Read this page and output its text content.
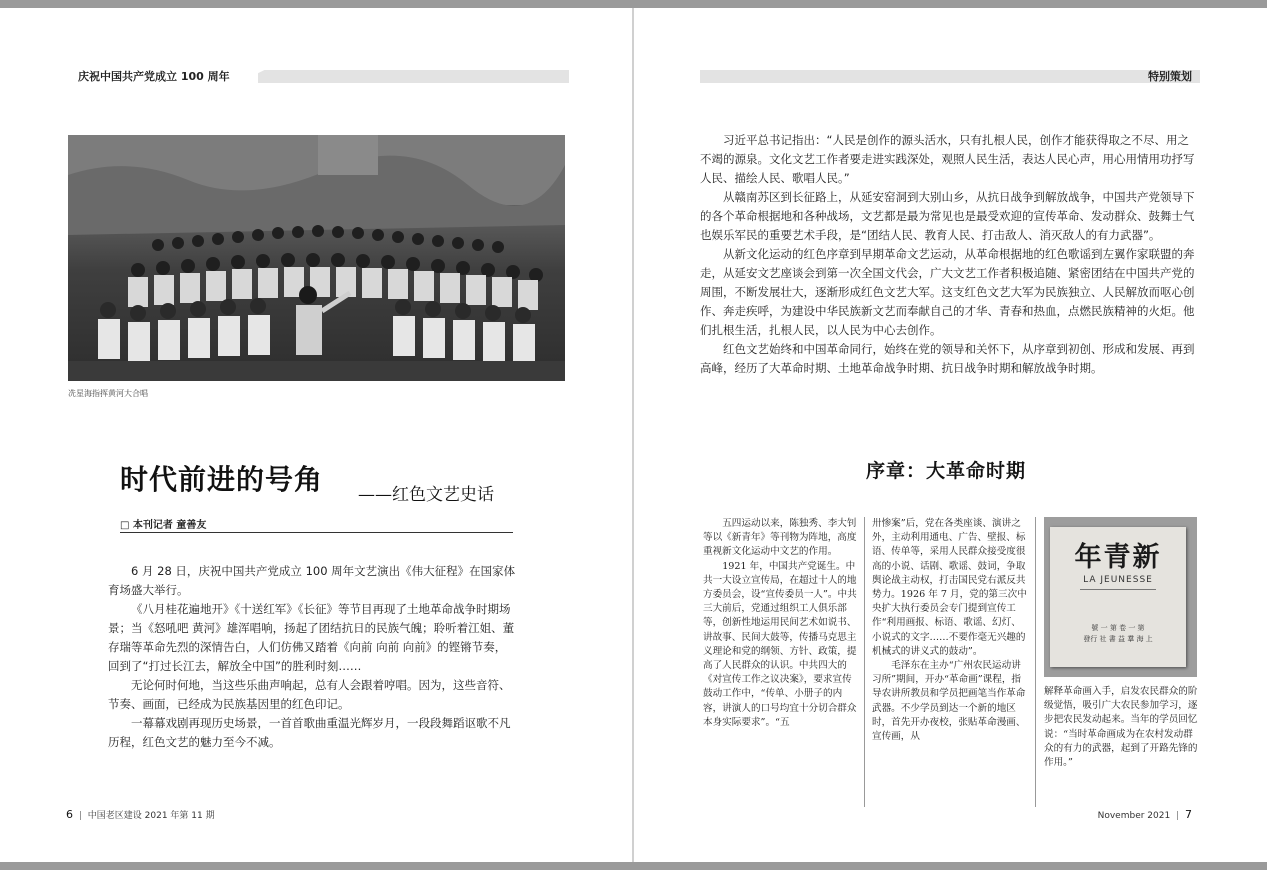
庆祝中国共产党成立 100 周年
冼星海指挥黄河大合唱
时代前进的号角 ——红色文艺史话
□ 本刊记者 童善友

6 月 28 日，庆祝中国共产党成立 100 周年文艺演出《伟大征程》在国家体育场盛大举行。

《八月桂花遍地开》《十送红军》《长征》等节目再现了土地革命战争时期场景；当《怒吼吧 黄河》雄浑唱响，扬起了团结抗日的民族气魄；聆听着江姐、董存瑞等革命先烈的深情告白，人们仿佛又踏着《向前 向前 向前》的铿锵节奏，回到了“打过长江去，解放全中国”的胜利时刻……

无论何时何地，当这些乐曲声响起，总有人会跟着哼唱。因为，这些音符、节奏、画面，已经成为民族基因里的红色印记。

一幕幕戏剧再现历史场景，一首首歌曲重温光辉岁月，一段段舞蹈讴歌不凡历程，红色文艺的魅力至今不减。

6 | 中国老区建设 2021 年第 11 期
特别策划

习近平总书记指出：“人民是创作的源头活水，只有扎根人民，创作才能获得取之不尽、用之不竭的源泉。文化文艺工作者要走进实践深处，观照人民生活，表达人民心声，用心用情用功抒写人民、描绘人民、歌唱人民。”

从赣南苏区到长征路上，从延安窑洞到大别山乡，从抗日战争到解放战争，中国共产党领导下的各个革命根据地和各种战场，文艺都是最为常见也是最受欢迎的宣传革命、发动群众、鼓舞士气也娱乐军民的重要艺术手段，是“团结人民、教育人民、打击敌人、消灭敌人的有力武器”。

从新文化运动的红色序章到早期革命文艺运动，从革命根据地的红色歌谣到左翼作家联盟的奔走，从延安文艺座谈会到第一次全国文代会，广大文艺工作者积极追随、紧密团结在中国共产党的周围，不断发展壮大，逐渐形成红色文艺大军。这支红色文艺大军为民族独立、人民解放而呕心创作、奔走疾呼，为建设中华民族新文艺而奉献自己的才华、青春和热血，点燃民族精神的火炬。他们扎根生活，扎根人民，以人民为中心去创作。

红色文艺始终和中国革命同行，始终在党的领导和关怀下，从序章到初创、形成和发展、再到高峰，经历了大革命时期、土地革命战争时期、抗日战争时期和解放战争时期。

序章：大革命时期

五四运动以来，陈独秀、李大钊等以《新青年》等刊物为阵地，高度重视新文化运动中文艺的作用。

1921 年，中国共产党诞生。中共一大设立宣传局，在超过十人的地方委员会，设“宣传委员一人”。中共三大前后，党通过组织工人俱乐部等，创新性地运用民间艺术如说书、讲故事、民间大鼓等，传播马克思主义理论和党的纲领、方针、政策，提高了人民群众的认识。中共四大的《对宣传工作之议决案》，要求宣传鼓动工作中，“传单、小册子的内容，讲演人的口号均宜十分切合群众本身实际要求”。“五

卅惨案”后，党在各类座谈、演讲之外，主动利用通电、广告、壁报、标语、传单等，采用人民群众接受度很高的小说、话剧、歌谣、鼓词，争取舆论战主动权，打击国民党右派反共势力。1926 年 7 月，党的第三次中央扩大执行委员会专门提到宣传工作“利用画报、标语、歌谣、幻灯、小说式的文字……不要作毫无兴趣的机械式的讲义式的鼓动”。

毛泽东在主办“广州农民运动讲习所”期间，开办“革命画”课程，指导农讲所教员和学员把画笔当作革命武器。不少学员到达一个新的地区时，首先开办夜校，张贴革命漫画、宣传画，从

年青新
LA JEUNESSE
號 一 第 卷 一 第
發行 社 書 益 羣 海 上

解释革命画入手，启发农民群众的阶级觉悟，吸引广大农民参加学习，逐步把农民发动起来。当年的学员回忆说：“当时革命画成为在农村发动群众的有力的武器，起到了开路先锋的作用。”

November 2021 | 7
